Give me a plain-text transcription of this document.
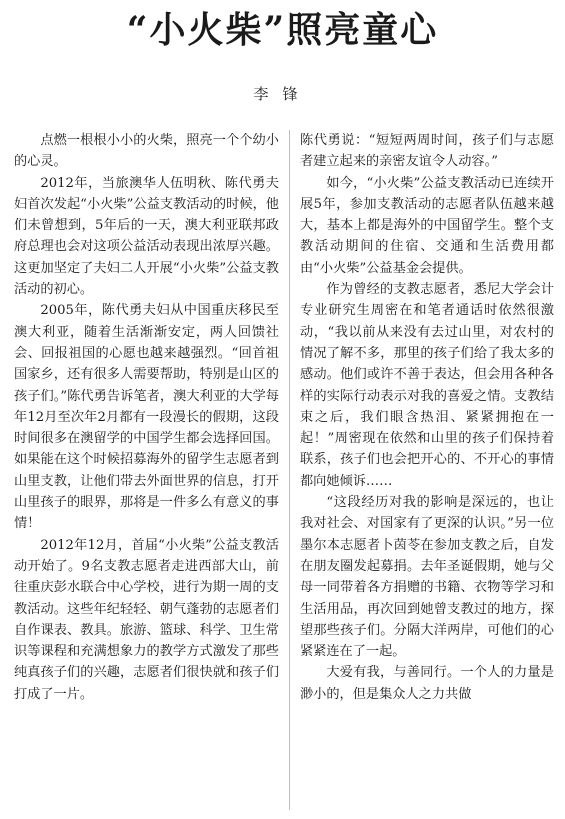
“小火柴”照亮童心
李锋

点燃一根根小小的火柴，照亮一个个幼小的心灵。

2012年，当旅澳华人伍明秋、陈代勇夫妇首次发起“小火柴”公益支教活动的时候，他们未曾想到，5年后的一天，澳大利亚联邦政府总理也会对这项公益活动表现出浓厚兴趣。这更加坚定了夫妇二人开展“小火柴”公益支教活动的初心。

2005年，陈代勇夫妇从中国重庆移民至澳大利亚，随着生活渐渐安定，两人回馈社会、回报祖国的心愿也越来越强烈。“回首祖国家乡，还有很多人需要帮助，特别是山区的孩子们。”陈代勇告诉笔者，澳大利亚的大学每年12月至次年2月都有一段漫长的假期，这段时间很多在澳留学的中国学生都会选择回国。如果能在这个时候招募海外的留学生志愿者到山里支教，让他们带去外面世界的信息，打开山里孩子的眼界，那将是一件多么有意义的事情！

2012年12月，首届“小火柴”公益支教活动开始了。9名支教志愿者走进西部大山，前往重庆彭水联合中心学校，进行为期一周的支教活动。这些年纪轻轻、朝气蓬勃的志愿者们自作课表、教具。旅游、篮球、科学、卫生常识等课程和充满想象力的教学方式激发了那些纯真孩子们的兴趣，志愿者们很快就和孩子们打成了一片。

陈代勇说：“短短两周时间，孩子们与志愿者建立起来的亲密友谊令人动容。”

如今，“小火柴”公益支教活动已连续开展5年，参加支教活动的志愿者队伍越来越大，基本上都是海外的中国留学生。整个支教活动期间的住宿、交通和生活费用都由“小火柴”公益基金会提供。

作为曾经的支教志愿者，悉尼大学会计专业研究生周密在和笔者通话时依然很激动，“我以前从来没有去过山里，对农村的情况了解不多，那里的孩子们给了我太多的感动。他们或许不善于表达，但会用各种各样的实际行动表示对我的喜爱之情。支教结束之后，我们眼含热泪、紧紧拥抱在一起！”周密现在依然和山里的孩子们保持着联系，孩子们也会把开心的、不开心的事情都向她倾诉……

“这段经历对我的影响是深远的，也让我对社会、对国家有了更深的认识。”另一位墨尔本志愿者卜茵苓在参加支教之后，自发在朋友圈发起募捐。去年圣诞假期，她与父母一同带着各方捐赠的书籍、衣物等学习和生活用品，再次回到她曾支教过的地方，探望那些孩子们。分隔大洋两岸，可他们的心紧紧连在了一起。

大爱有我，与善同行。一个人的力量是渺小的，但是集众人之力共做
